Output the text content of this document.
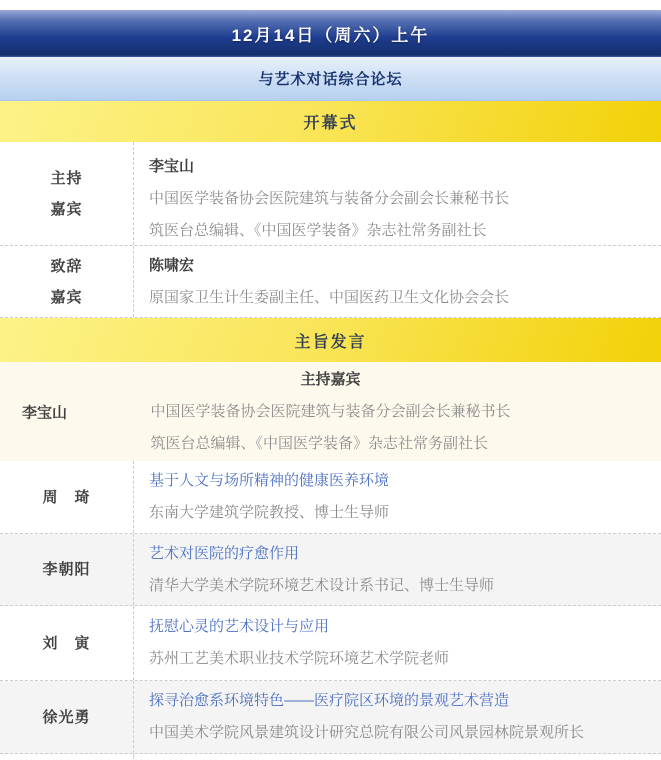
12月14日（周六）上午
与艺术对话综合论坛
开幕式
主持
嘉宾
李宝山
中国医学装备协会医院建筑与装备分会副会长兼秘书长
筑医台总编辑、《中国医学装备》杂志社常务副社长
致辞
嘉宾
陈啸宏
原国家卫生计生委副主任、中国医药卫生文化协会会长
主旨发言
李宝山
主持嘉宾
中国医学装备协会医院建筑与装备分会副会长兼秘书长
筑医台总编辑、《中国医学装备》杂志社常务副社长
周　琦
基于人文与场所精神的健康医养环境
东南大学建筑学院教授、博士生导师
李朝阳
艺术对医院的疗愈作用
清华大学美术学院环境艺术设计系书记、博士生导师
刘　寅
抚慰心灵的艺术设计与应用
苏州工艺美术职业技术学院环境艺术学院老师
徐光勇
探寻治愈系环境特色——医疗院区环境的景观艺术营造
中国美术学院风景建筑设计研究总院有限公司风景园林院景观所长
